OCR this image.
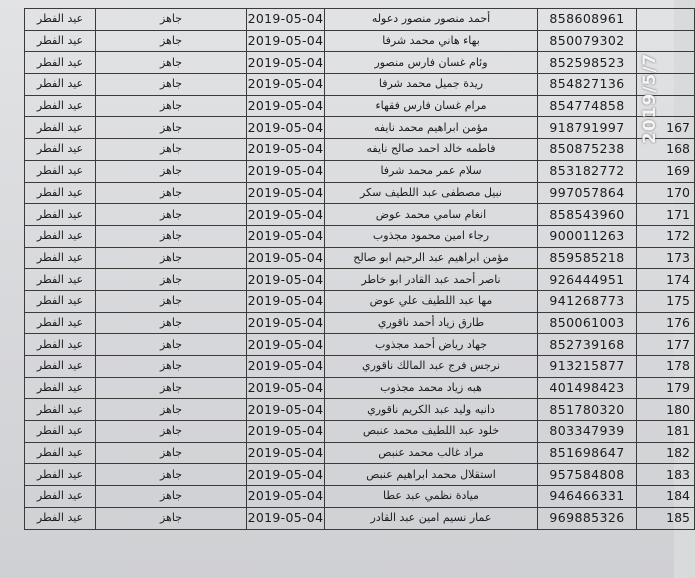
عيد الفطر	جاهز	2019-05-04	أحمد منصور منصور دعوله	858608961	
عيد الفطر	جاهز	2019-05-04	بهاء هاني محمد شرفا	850079302	
عيد الفطر	جاهز	2019-05-04	وئام غسان فارس منصور	852598523	
عيد الفطر	جاهز	2019-05-04	ريدة جميل محمد شرفا	854827136	
عيد الفطر	جاهز	2019-05-04	مرام غسان فارس فقهاء	854774858	
عيد الفطر	جاهز	2019-05-04	مؤمن ابراهيم محمد نايفه	918791997	167
عيد الفطر	جاهز	2019-05-04	فاطمه خالد احمد صالح نايفه	850875238	168
عيد الفطر	جاهز	2019-05-04	سلام عمر محمد شرفا	853182772	169
عيد الفطر	جاهز	2019-05-04	نبيل مصطفى عبد اللطيف سكر	997057864	170
عيد الفطر	جاهز	2019-05-04	انغام سامي محمد عوض	858543960	171
عيد الفطر	جاهز	2019-05-04	رجاء امين محمود مجذوب	900011263	172
عيد الفطر	جاهز	2019-05-04	مؤمن ابراهيم عبد الرحيم ابو صالح	859585218	173
عيد الفطر	جاهز	2019-05-04	ناصر أحمد عبد القادر ابو خاطر	926444951	174
عيد الفطر	جاهز	2019-05-04	مها عبد اللطيف علي عوض	941268773	175
عيد الفطر	جاهز	2019-05-04	طارق زياد أحمد ناقوري	850061003	176
عيد الفطر	جاهز	2019-05-04	جهاد رياض أحمد مجذوب	852739168	177
عيد الفطر	جاهز	2019-05-04	نرجس فرج عبد المالك ناقوري	913215877	178
عيد الفطر	جاهز	2019-05-04	هبه زياد محمد مجذوب	401498423	179
عيد الفطر	جاهز	2019-05-04	دانيه وليد عبد الكريم ناقوري	851780320	180
عيد الفطر	جاهز	2019-05-04	خلود عبد اللطيف محمد عنبص	803347939	181
عيد الفطر	جاهز	2019-05-04	مراد غالب محمد عنبص	851698647	182
عيد الفطر	جاهز	2019-05-04	استقلال محمد ابراهيم عنبص	957584808	183
عيد الفطر	جاهز	2019-05-04	ميادة نظمي عبد عطا	946466331	184
عيد الفطر	جاهز	2019-05-04	عمار نسيم امين عبد القادر	969885326	185
2019/5/7
